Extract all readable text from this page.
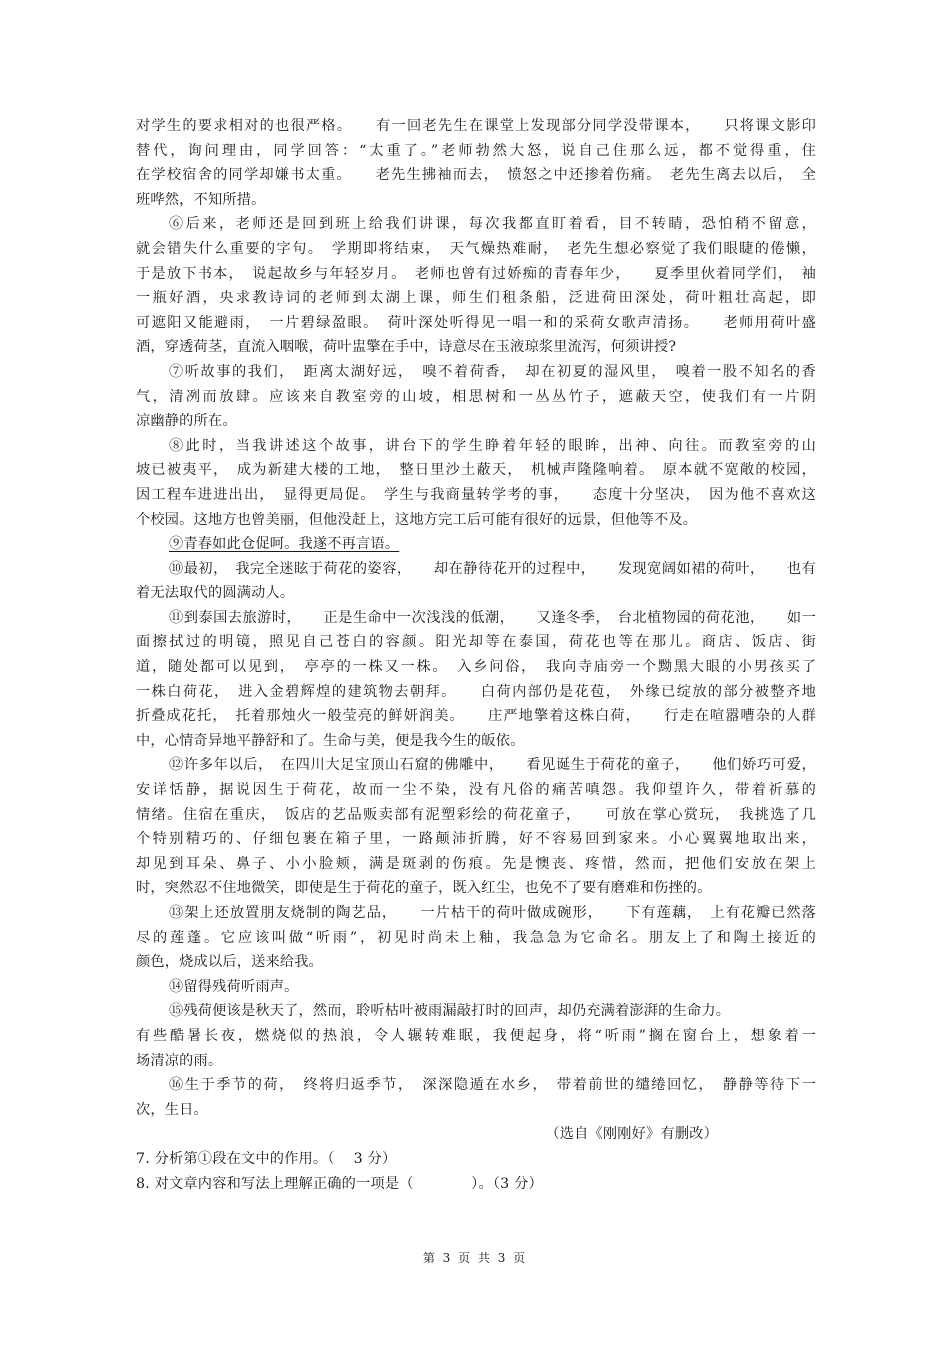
对学生的要求相对的也很严格。　　有一回老先生在课堂上发现部分同学没带课本，　　只将课文影印
替代，询问理由，同学回答：“太重了。”老师勃然大怒，说自己住那么远，都不觉得重，住
在学校宿舍的同学却嫌书太重。　　老先生拂袖而去，　愤怒之中还掺着伤痛。　老先生离去以后，　全
班哗然，不知所措。
⑥后来，老师还是回到班上给我们讲课，每次我都直盯着看，目不转睛，恐怕稍不留意，
就会错失什么重要的字句。　学期即将结束，　天气燥热难耐，　老先生想必察觉了我们眼睫的倦懒，
于是放下书本，　说起故乡与年轻岁月。　老师也曾有过娇痴的青春年少，　　夏季里伙着同学们，　袖
一瓶好酒，央求教诗词的老师到太湖上课，师生们租条船，泛进荷田深处，荷叶粗壮高起，即
可遮阳又能避雨，　一片碧绿盈眼。　荷叶深处听得见一唱一和的采荷女歌声清扬。　　老师用荷叶盛
酒，穿透荷茎，直流入咽喉，荷叶盅擎在手中，诗意尽在玉液琼浆里流泻，何须讲授?
⑦听故事的我们，　距离太湖好远，　嗅不着荷香，　却在初夏的湿风里，　嗅着一股不知名的香
气，清冽而放肆。应该来自教室旁的山坡，相思树和一丛丛竹子，遮蔽天空，使我们有一片阴
凉幽静的所在。
⑧此时，当我讲述这个故事，讲台下的学生睁着年轻的眼眸，出神、向往。而教室旁的山
坡已被夷平，　成为新建大楼的工地，　整日里沙土蔽天，　机械声隆隆响着。　原本就不宽敞的校园，
因工程车进进出出，　显得更局促。　学生与我商量转学考的事，　　态度十分坚决，　因为他不喜欢这
个校园。这地方也曾美丽，但他没赶上，这地方完工后可能有很好的远景，但他等不及。
⑨青春如此仓促呵。我遂不再言语。
⑩最初，　我完全迷眩于荷花的姿容，　　却在静待花开的过程中，　　发现宽阔如裙的荷叶，　　也有
着无法取代的圆满动人。
⑪到泰国去旅游时，　　正是生命中一次浅浅的低潮，　　又逢冬季，　台北植物园的荷花池，　　如一
面擦拭过的明镜，照见自己苍白的容颜。阳光却等在泰国，荷花也等在那儿。商店、饭店、街
道，随处都可以见到，　亭亭的一株又一株。　入乡问俗，　我向寺庙旁一个黝黑大眼的小男孩买了
一株白荷花，　进入金碧辉煌的建筑物去朝拜。　　白荷内部仍是花苞，　外缘已绽放的部分被整齐地
折叠成花托，　托着那烛火一般莹亮的鲜妍润美。　　庄严地擎着这株白荷，　　行走在喧嚣嘈杂的人群
中，心情奇异地平静舒和了。生命与美，便是我今生的皈依。
⑫许多年以后，　在四川大足宝顶山石窟的佛雕中，　　看见诞生于荷花的童子，　　他们娇巧可爱，
安详恬静，据说因生于荷花，故而一尘不染，没有凡俗的痛苦嗔怨。我仰望许久，带着祈慕的
情绪。住宿在重庆，　饭店的艺品贩卖部有泥塑彩绘的荷花童子，　　可放在掌心赏玩，　我挑选了几
个特别精巧的、仔细包裹在箱子里，一路颠沛折腾，好不容易回到家来。小心翼翼地取出来，
却见到耳朵、鼻子、小小脸颊，满是斑剥的伤痕。先是懊丧、疼惜，然而，把他们安放在架上
时，突然忍不住地微笑，即使是生于荷花的童子，既入红尘，也免不了要有磨难和伤挫的。
⑬架上还放置朋友烧制的陶艺品，　　一片枯干的荷叶做成碗形，　　下有莲藕，　上有花瓣已然落
尽的莲蓬。它应该叫做“听雨”，初见时尚未上釉，我急急为它命名。朋友上了和陶土接近的
颜色，烧成以后，送来给我。
⑭留得残荷听雨声。
⑮残荷便该是秋天了，然而，聆听枯叶被雨漏敲打时的回声，却仍充满着澎湃的生命力。
有些酷暑长夜，燃烧似的热浪，令人辗转难眠，我便起身，将“听雨”搁在窗台上，想象着一
场清凉的雨。
⑯生于季节的荷，　终将归返季节，　深深隐遁在水乡，　带着前世的缱绻回忆，　静静等待下一
次，生日。
（选自《刚刚好》有删改）
7. 分析第①段在文中的作用。（　 3 分）
8. 对文章内容和写法上理解正确的一项是（　　　　）。（3 分）
第 3 页 共 3 页
